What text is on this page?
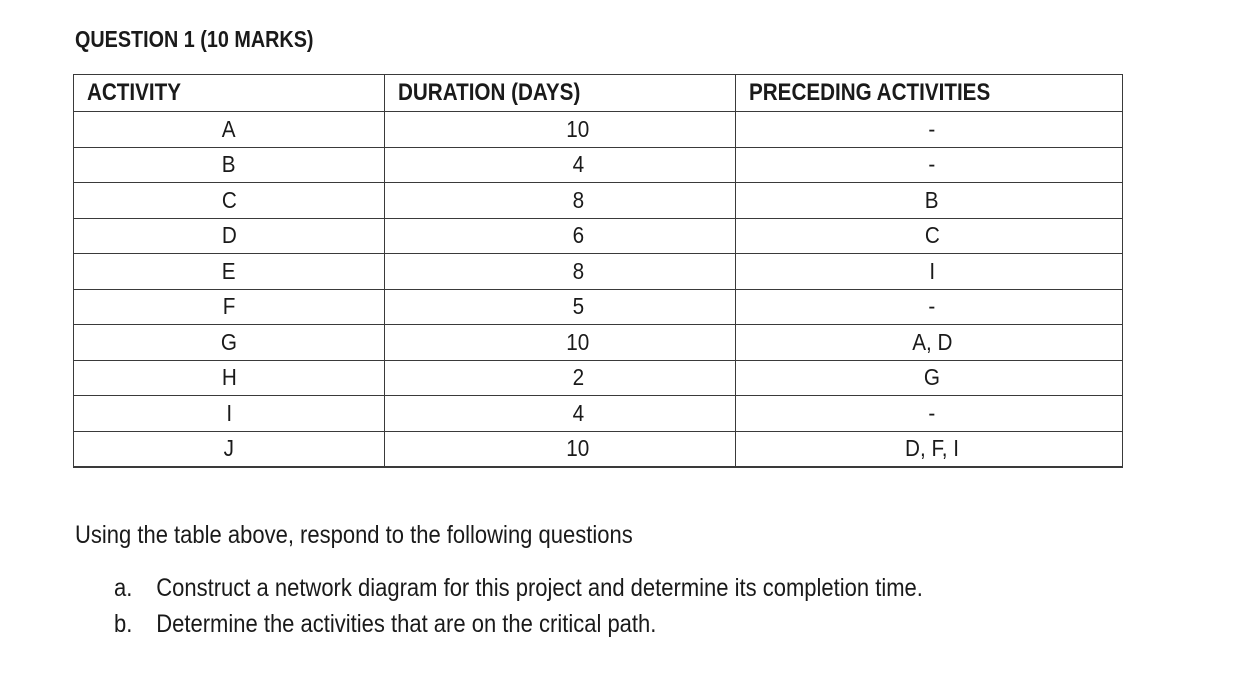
QUESTION 1 (10 MARKS)
ACTIVITY	DURATION (DAYS)	PRECEDING ACTIVITIES
A	10	-
B	4	-
C	8	B
D	6	C
E	8	I
F	5	-
G	10	A, D
H	2	G
I	4	-
J	10	D, F, I
Using the table above, respond to the following questions
a. Construct a network diagram for this project and determine its completion time.
b. Determine the activities that are on the critical path.
